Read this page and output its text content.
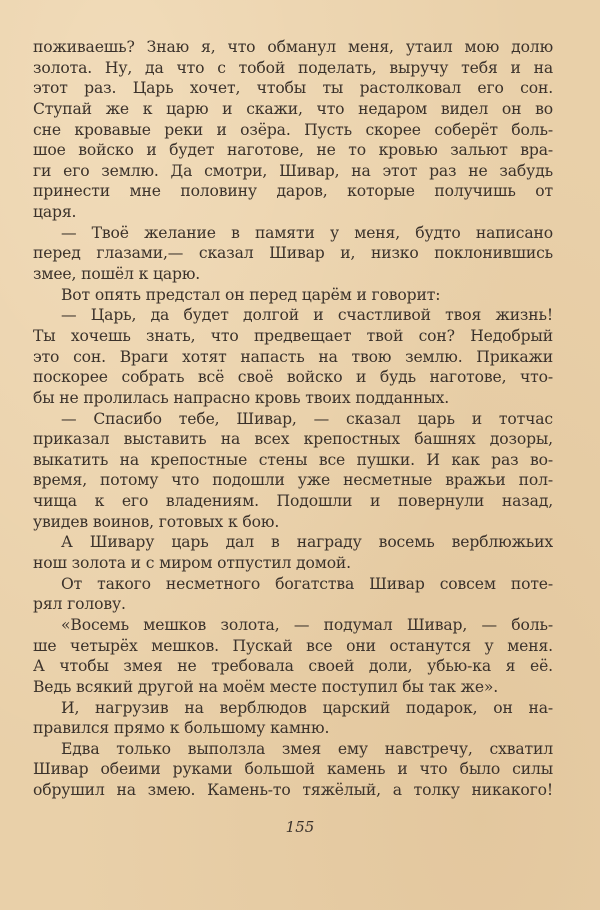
поживаешь? Знаю я, что обманул меня, утаил мою долю
золота. Ну, да что с тобой поделать, выручу тебя и на
этот раз. Царь хочет, чтобы ты растолковал его сон.
Ступай же к царю и скажи, что недаром видел он во
сне кровавые реки и озёра. Пусть скорее соберёт боль-
шое войско и будет наготове, не то кровью зальют вра-
ги его землю. Да смотри, Шивар, на этот раз не забудь
принести мне половину даров, которые получишь от
царя.
— Твоё желание в памяти у меня, будто написано
перед глазами,— сказал Шивар и, низко поклонившись
змее, пошёл к царю.
Вот опять предстал он перед царём и говорит:
— Царь, да будет долгой и счастливой твоя жизнь!
Ты хочешь знать, что предвещает твой сон? Недобрый
это сон. Враги хотят напасть на твою землю. Прикажи
поскорее собрать всё своё войско и будь наготове, что-
бы не пролилась напрасно кровь твоих подданных.
— Спасибо тебе, Шивар, — сказал царь и тотчас
приказал выставить на всех крепостных башнях дозоры,
выкатить на крепостные стены все пушки. И как раз во-
время, потому что подошли уже несметные вражьи пол-
чища к его владениям. Подошли и повернули назад,
увидев воинов, готовых к бою.
А Шивару царь дал в награду восемь верблюжьих
нош золота и с миром отпустил домой.
От такого несметного богатства Шивар совсем поте-
рял голову.
«Восемь мешков золота, — подумал Шивар, — боль-
ше четырёх мешков. Пускай все они останутся у меня.
А чтобы змея не требовала своей доли, убью-ка я её.
Ведь всякий другой на моём месте поступил бы так же».
И, нагрузив на верблюдов царский подарок, он на-
правился прямо к большому камню.
Едва только выползла змея ему навстречу, схватил
Шивар обеими руками большой камень и что было силы
обрушил на змею. Камень-то тяжёлый, а толку никакого!
155
